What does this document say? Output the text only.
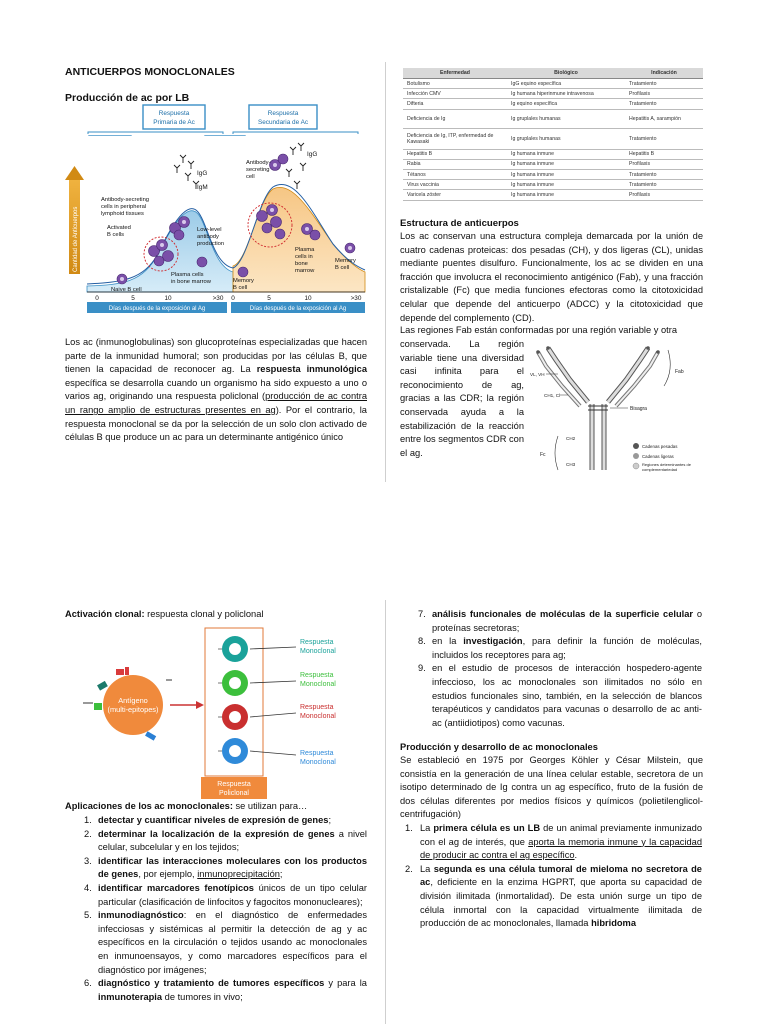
ANTICUERPOS MONOCLONALES
Producción de ac por LB
Respuesta Primaria de Ac
Respuesta Secundaria de Ac
Cantidad de Anticuerpos
IgG
IgM
IgG
Antibody-secreting cells in peripheral lymphoid tissues
Activated B cells
Naive B cell
Low-level antibody production
Plasma cells in bone marrow	Memory B cell
Antibody-secreting cell
Plasma cells in bone marrow
Memory B cell
0	5	10	>30 0	5	10	>30
Días después de la exposición al Ag	Días después de la exposición al Ag
Los ac (inmunoglobulinas) son glucoproteínas especializadas que hacen parte de la inmunidad humoral; son producidas por las células B, que tienen la capacidad de reconocer ag. La respuesta inmunológica específica se desarrolla cuando un organismo ha sido expuesto a uno o varios ag, originando una respuesta policlonal (producción de ac contra un rango amplio de estructuras presentes en ag). Por el contrario, la respuesta monoclonal se da por la selección de un solo clon activado de células B que produce un ac para un determinante antigénico único
Enfermedad	Biológico	Indicación
Botulismo	IgG equino específica	Tratamiento
Infección CMV	Ig humana hiperinmune intravenosa	Profilaxis
Difteria	Ig equino específica	Tratamiento
Deficiencia de Ig	Ig gruplales humanas	Hepatitis A, sarampión
Deficiencia de Ig, ITP, enfermedad de Kawasaki	Ig gruplales humanas	Tratamiento
Hepatitis B	Ig humana inmune	Hepatitis B
Rabia	Ig humana inmune	Profilaxis
Tétanos	Ig humana inmune	Tratamiento
Virus vaccinia	Ig humana inmune	Tratamiento
Varicela zóster	Ig humana inmune	Profilaxis
Estructura de anticuerpos
Los ac conservan una estructura compleja demarcada por la unión de cuatro cadenas proteicas: dos pesadas (CH), y dos ligeras (CL), unidas mediante puentes disulfuro. Funcionalmente, los ac se dividen en una fracción que involucra el reconocimiento antigénico (Fab), y una fracción cristalizable (Fc) que media funciones efectoras como la citotoxicidad celular que depende del anticuerpo (ADCC) y la citotoxicidad que depende del complemento (CD).
Las regiones Fab están conformadas por una región variable y otra
conservada. La región variable tiene una diversidad casi infinita para el reconocimiento de ag, gracias a las CDR; la región conservada ayuda a la estabilización de la reacción entre los segmentos CDR con el ag.
Fab
Bisagra
VL, VH
CH1, Cl
CH2
Fc
CH3
Cadenas pesadas
Cadenas ligeras
Regiones determinantes de complementariedad
Activación clonal: respuesta clonal y policlonal
Antígeno (multi-epitopes)
Respuesta Monoclonal
Respuesta Monoclonal
Respuesta Monoclonal
Respuesta Monoclonal
Respuesta Policlonal
Aplicaciones de los ac monoclonales: se utilizan para…
1. detectar y cuantificar niveles de expresión de genes;
2. determinar la localización de la expresión de genes a nivel celular, subcelular y en los tejidos;
3. identificar las interacciones moleculares con los productos de genes, por ejemplo, inmunoprecipitación;
4. identificar marcadores fenotípicos únicos de un tipo celular particular (clasificación de linfocitos y fagocitos mononucleares);
5. inmunodiagnóstico: en el diagnóstico de enfermedades infecciosas y sistémicas al permitir la detección de ag y ac específicos en la circulación o tejidos usando ac monoclonales en inmunoensayos, y como marcadores específicos para el diagnóstico por imágenes;
6. diagnóstico y tratamiento de tumores específicos y para la inmunoterapia de tumores in vivo;
7. análisis funcionales de moléculas de la superficie celular o proteínas secretoras;
8. en la investigación, para definir la función de moléculas, incluidos los receptores para ag;
9. en el estudio de procesos de interacción hospedero-agente infeccioso, los ac monoclonales son ilimitados no sólo en estudios funcionales sino, también, en la selección de blancos terapéuticos y candidatos para vacunas o desarrollo de ac anti-ac (antiidiotipos) como vacunas.
Producción y desarrollo de ac monoclonales
Se estableció en 1975 por Georges Köhler y César Milstein, que consistía en la generación de una línea celular estable, secretora de un isotipo determinado de Ig contra un ag específico, fruto de la fusión de dos células diferentes por medios físicos y químicos (polietilenglicol-centrifugación)
1. La primera célula es un LB de un animal previamente inmunizado con el ag de interés, que aporta la memoria inmune y la capacidad de producir ac contra el ag específico.
2. La segunda es una célula tumoral de mieloma no secretora de ac, deficiente en la enzima HGPRT, que aporta su capacidad de división ilimitada (inmortalidad). De esta unión surge un tipo de célula inmortal con la capacidad virtualmente ilimitada de producción de ac monoclonales, llamada hibridoma
